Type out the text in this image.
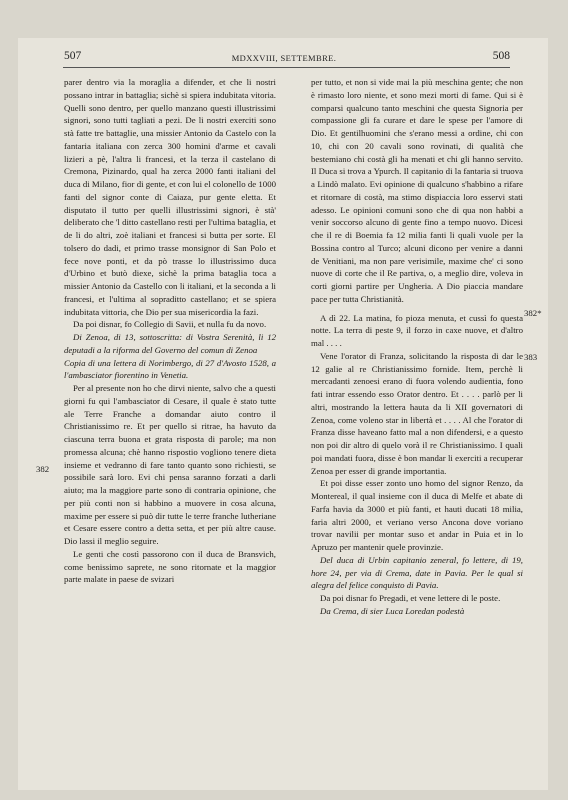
507	MDXXVIII, SETTEMBRE.	508

parer dentro via la moraglia a difender, et che li nostri possano intrar in battaglia; sichè si spiera indubitata vitoria. Quelli sono dentro, per quello manzano questi illustrissimi signori, sono tutti tagliati a pezi. De li nostri exerciti sono stà fatte tre battaglie, una missier Antonio da Castelo con la fantaria italiana con zerca 300 homini d'arme et cavali lizieri a pè, l'altra li francesi, et la terza il castelano di Cremona, Pizinardo, qual ha zerca 2000 fanti italiani del duca di Milano, fior di gente, et con lui el colonello de 1000 fanti del signor conte di Caiaza, pur gente eletta. Et disputato il tutto per quelli illustrissimi signori, è stà' deliberato che 'l ditto castellano resti per l'ultima bataglia, et de li do altri, zoè italiani et francesi si butta per sorte. El tolsero do dadi, et primo trasse monsignor di San Polo et fece nove ponti, et da pò trasse lo illustrissimo duca d'Urbino et butò diexe, sichè la prima bataglia toca a missier Antonio da Castello con li italiani, et la seconda a li francesi, et l'ultima al sopraditto castellano; et se spiera indubitata vittoria, che Dio per sua misericordia la fazi.

Da poi disnar, fo Collegio di Savii, et nulla fu da novo.

Di Zenoa, di 13, sottoscritta: di Vostra Serenità, li 12 deputadi a la riforma del Governo del comun di Zenoa

Copia di una lettera di Norimbergo, di 27 d'Avosto 1528, a l'ambasciator fiorentino in Venetia.

Per al presente non ho che dirvi niente, salvo che a questi giorni fu qui l'ambasciator di Cesare, il quale è stato tutte ale Terre Franche a domandar aiuto contro il Christianissimo re. Et per quello si ritrae, ha havuto da ciascuna terra buona et grata risposta di parole; ma non promessa alcuna; chè hanno rispostio vogliono tenere dieta insieme et vedranno di fare tanto quanto sono richiesti, se possibile sarà loro. Evi chi pensa saranno forzati a darli aiuto; ma la maggiore parte sono di contraria opinione, che per più conti non si habbino a muovere in cosa alcuna, maxime per essere si può dir tutte le terre franche lutheriane et Cesare essere contro a detta setta, et per più altre cause. Dio lassi il meglio seguire.

Le genti che costì passorono con il duca de Bransvich, come benissimo saprete, ne sono ritornate et la maggior parte malate in paese de svizari

382

per tutto, et non si vide mai la più meschina gente; che non è rimasto loro niente, et sono mezi morti di fame. Qui si è comparsi qualcuno tanto meschini che questa Signoria per compassione gli fa curare et dare le spese per l'amore di Dio. Et gentilhuomini che s'erano messi a ordine, chi con 10, chi con 20 cavali sono rovinati, di qualità che bestemiano chi costà gli ha menati et chi gli hanno servito. Il Duca si trova a Ypurch. Il capitanio di la fantaria si truova a Lindò malato. Evi opinione di qualcuno s'habbino a rifare et ritornare di costà, ma stimo dispiaccia loro esservi stati adesso. Le opinioni comuni sono che di qua non habbi a venir soccorso alcuno di gente fino a tempo nuovo. Dicesi che il re di Boemia fa 12 milia fanti li quali vuole per la Bossina contro al Turco; alcuni dicono per venire a danni de Venitiani, ma non pare verisimile, maxime che' ci sono nuove di corte che il Re partiva, o, a meglio dire, voleva in corti giorni partire per Ungheria. A Dio piaccia mandare pace per tutta Christianità.

A dì 22. La matina, fo pioza menuta, et cussì fo questa notte. La terra di peste 9, il forzo in caxe nuove, et d'altro mal . . . .

Vene l'orator di Franza, solicitando la risposta di dar le 12 galie al re Christianissimo fornide. Item, perchè li mercadanti zenoesi erano di fuora volendo audientia, fono fati intrar essendo esso Orator dentro. Et . . . . parlò per li altri, mostrando la lettera hauta da li XII governatori di Zenoa, come voleno star in libertà et . . . . Al che l'orator di Franza disse haveano fatto mal a non difendersi, e a questo non poi dir altro di quelo vorà il re Christianissimo. I quali poi mandati fuora, disse è bon mandar li exerciti a recuperar Zenoa per esser di grande importantia.

Et poi disse esser zonto uno homo del signor Renzo, da Montereal, il qual insieme con il duca di Melfe et abate di Farfa havia da 3000 et più fanti, et hauti ducati 18 milia, faria altri 2000, et veriano verso Ancona dove voriano trovar navilii per montar suso et andar in Puia et in lo Apruzo per mantenir quele provinzie.

Del duca di Urbin capitanio zeneral, fo lettere, di 19, hore 24, per via di Crema, date in Pavia. Per le qual si alegra del felice conquisto di Pavia.

Da poi disnar fo Pregadi, et vene lettere di le poste.

Da Crema, di sier Luca Loredan podestà

382*
383
